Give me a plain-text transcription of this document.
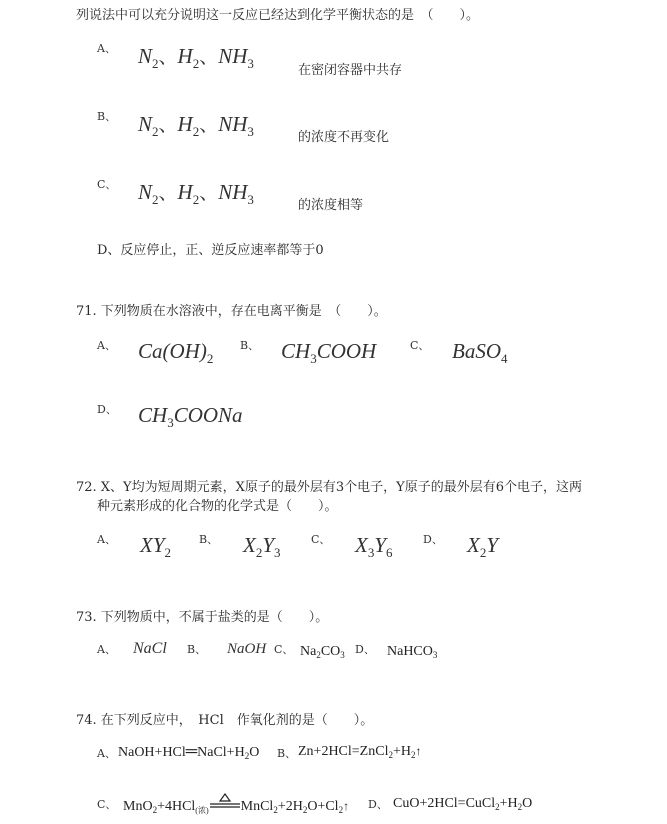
列说法中可以充分说明这一反应已经达到化学平衡状态的是　（　　）。
A、 $N_2$、$H_2$、$NH_3$	在密闭容器中共存
B、 $N_2$、$H_2$、$NH_3$	的浓度不再变化
C、 $N_2$、$H_2$、$NH_3$	的浓度相等
D、反应停止，正、逆反应速率都等于0
71. 下列物质在水溶液中，存在电离平衡是　（　　）。
A、 $Ca(OH)_2$
B、 $CH_3COOH$	C、 BaSO$_4$
D、 $CH_3COONa$
72. X、Y均为短周期元素，X原子的最外层有3个电子，Y原子的最外层有6个电子，这两
种元素形成的化合物的化学式是（　　）。
A、 $XY_2$
B、 $X_2Y_3$
C、 $X_3Y_6$
D、 $X_2Y$
73. 下列物质中，不属于盐类的是（　　）。
A、 NaCl B、 NaOH C、 $Na_2CO_3$ D、 NaHCO$_3$
74. 在下列反应中，　HCl　作氧化剂的是（　　）。
A、 $NaOH+HCl═NaCl+H_2O$ B、 $Zn+2HCl=ZnCl_2+H_2↑$
C、 MnO$_2$+4HCl$_{(浓)}$ $MnCl_2+2H_2O+Cl_2↑$ D、 $CuO+2HCl=CuCl_2+H_2O$
